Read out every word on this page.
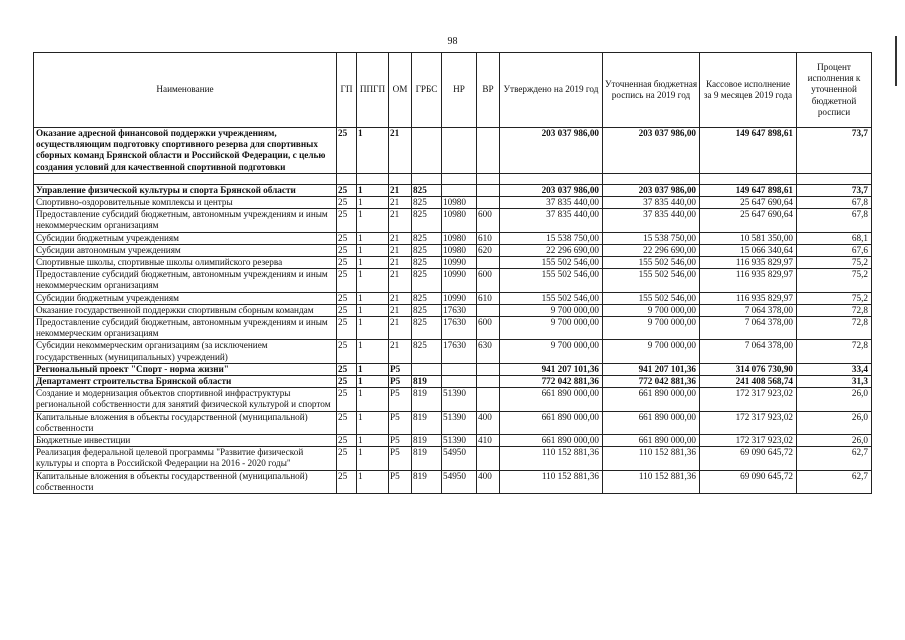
98
Наименование	ГП	ППГП	ОМ	ГРБС	НР	ВР	Утверждено на 2019 год	Уточненная бюджетная роспись на 2019 год	Кассовое исполнение за 9 месяцев 2019 года	Процент исполнения к уточненной бюджетной росписи
Оказание адресной финансовой поддержки учреждениям, осуществляющим подготовку спортивного резерва для спортивных сборных команд Брянской области и Российской Федерации, с целью создания условий для качественной спортивной подготовки	25	1	21				203 037 986,00	203 037 986,00	149 647 898,61	73,7

Управление физической культуры и спорта Брянской области	25	1	21	825			203 037 986,00	203 037 986,00	149 647 898,61	73,7
Спортивно-оздоровительные комплексы и центры	25	1	21	825	10980		37 835 440,00	37 835 440,00	25 647 690,64	67,8
Предоставление субсидий бюджетным, автономным учреждениям и иным некоммерческим организациям	25	1	21	825	10980	600	37 835 440,00	37 835 440,00	25 647 690,64	67,8
Субсидии бюджетным учреждениям	25	1	21	825	10980	610	15 538 750,00	15 538 750,00	10 581 350,00	68,1
Субсидии автономным учреждениям	25	1	21	825	10980	620	22 296 690,00	22 296 690,00	15 066 340,64	67,6
Спортивные школы, спортивные школы олимпийского резерва	25	1	21	825	10990		155 502 546,00	155 502 546,00	116 935 829,97	75,2
Предоставление субсидий бюджетным, автономным учреждениям и иным некоммерческим организациям	25	1	21	825	10990	600	155 502 546,00	155 502 546,00	116 935 829,97	75,2
Субсидии бюджетным учреждениям	25	1	21	825	10990	610	155 502 546,00	155 502 546,00	116 935 829,97	75,2
Оказание государственной поддержки спортивным сборным командам	25	1	21	825	17630		9 700 000,00	9 700 000,00	7 064 378,00	72,8
Предоставление субсидий бюджетным, автономным учреждениям и иным некоммерческим организациям	25	1	21	825	17630	600	9 700 000,00	9 700 000,00	7 064 378,00	72,8
Субсидии некоммерческим организациям (за исключением государственных (муниципальных) учреждений)	25	1	21	825	17630	630	9 700 000,00	9 700 000,00	7 064 378,00	72,8
Региональный проект "Спорт - норма жизни"	25	1	P5				941 207 101,36	941 207 101,36	314 076 730,90	33,4
Департамент строительства Брянской области	25	1	P5	819			772 042 881,36	772 042 881,36	241 408 568,74	31,3
Создание и модернизация объектов спортивной инфраструктуры региональной собственности для занятий физической культурой и спортом	25	1	P5	819	51390		661 890 000,00	661 890 000,00	172 317 923,02	26,0
Капитальные вложения в объекты государственной (муниципальной) собственности	25	1	P5	819	51390	400	661 890 000,00	661 890 000,00	172 317 923,02	26,0
Бюджетные инвестиции	25	1	P5	819	51390	410	661 890 000,00	661 890 000,00	172 317 923,02	26,0
Реализация федеральной целевой программы "Развитие физической культуры и спорта в Российской Федерации на 2016 - 2020 годы"	25	1	P5	819	54950		110 152 881,36	110 152 881,36	69 090 645,72	62,7
Капитальные вложения в объекты государственной (муниципальной) собственности	25	1	P5	819	54950	400	110 152 881,36	110 152 881,36	69 090 645,72	62,7
